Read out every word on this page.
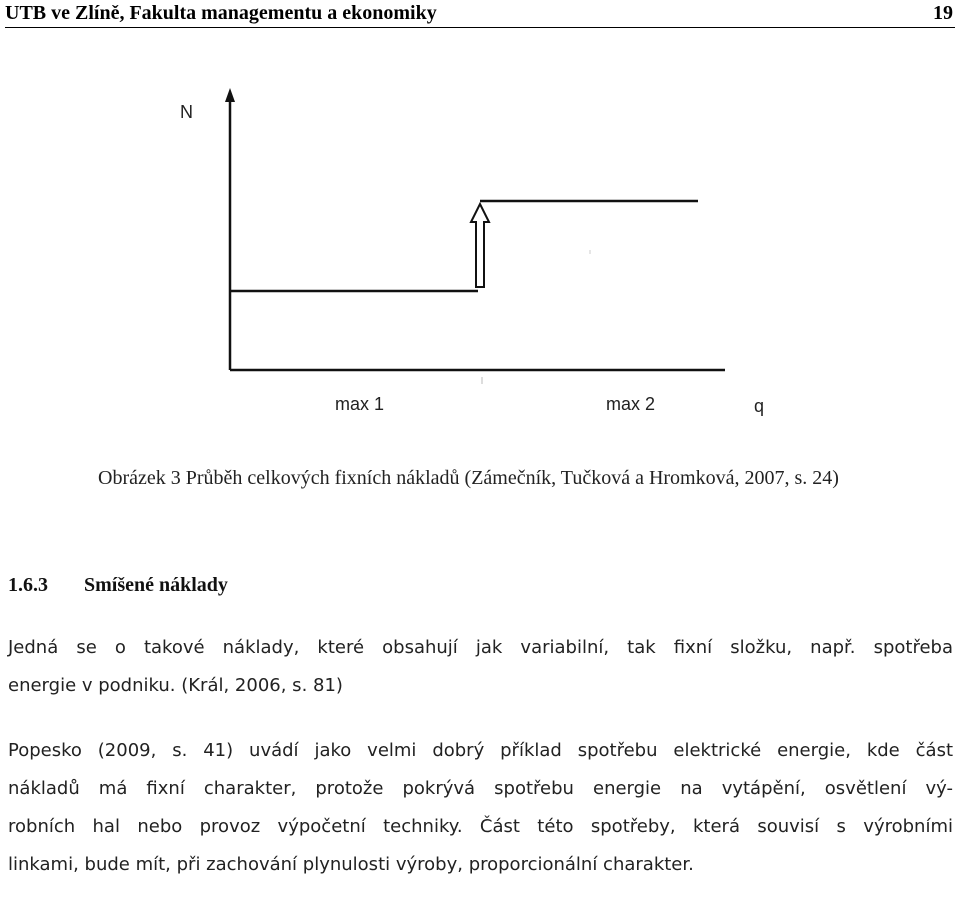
UTB ve Zlíně, Fakulta managementu a ekonomiky	19
N
max 1	max 2	q
Obrázek 3 Průběh celkových fixních nákladů (Zámečník, Tučková a Hromková, 2007, s. 24)
1.6.3 Smíšené náklady
Jedná se o takové náklady, které obsahují jak variabilní, tak fixní složku, např. spotřeba
energie v podniku. (Král, 2006, s. 81)
Popesko (2009, s. 41) uvádí jako velmi dobrý příklad spotřebu elektrické energie, kde část
nákladů má fixní charakter, protože pokrývá spotřebu energie na vytápění, osvětlení vý-
robních hal nebo provoz výpočetní techniky. Část této spotřeby, která souvisí s výrobními
linkami, bude mít, při zachování plynulosti výroby, proporcionální charakter.
